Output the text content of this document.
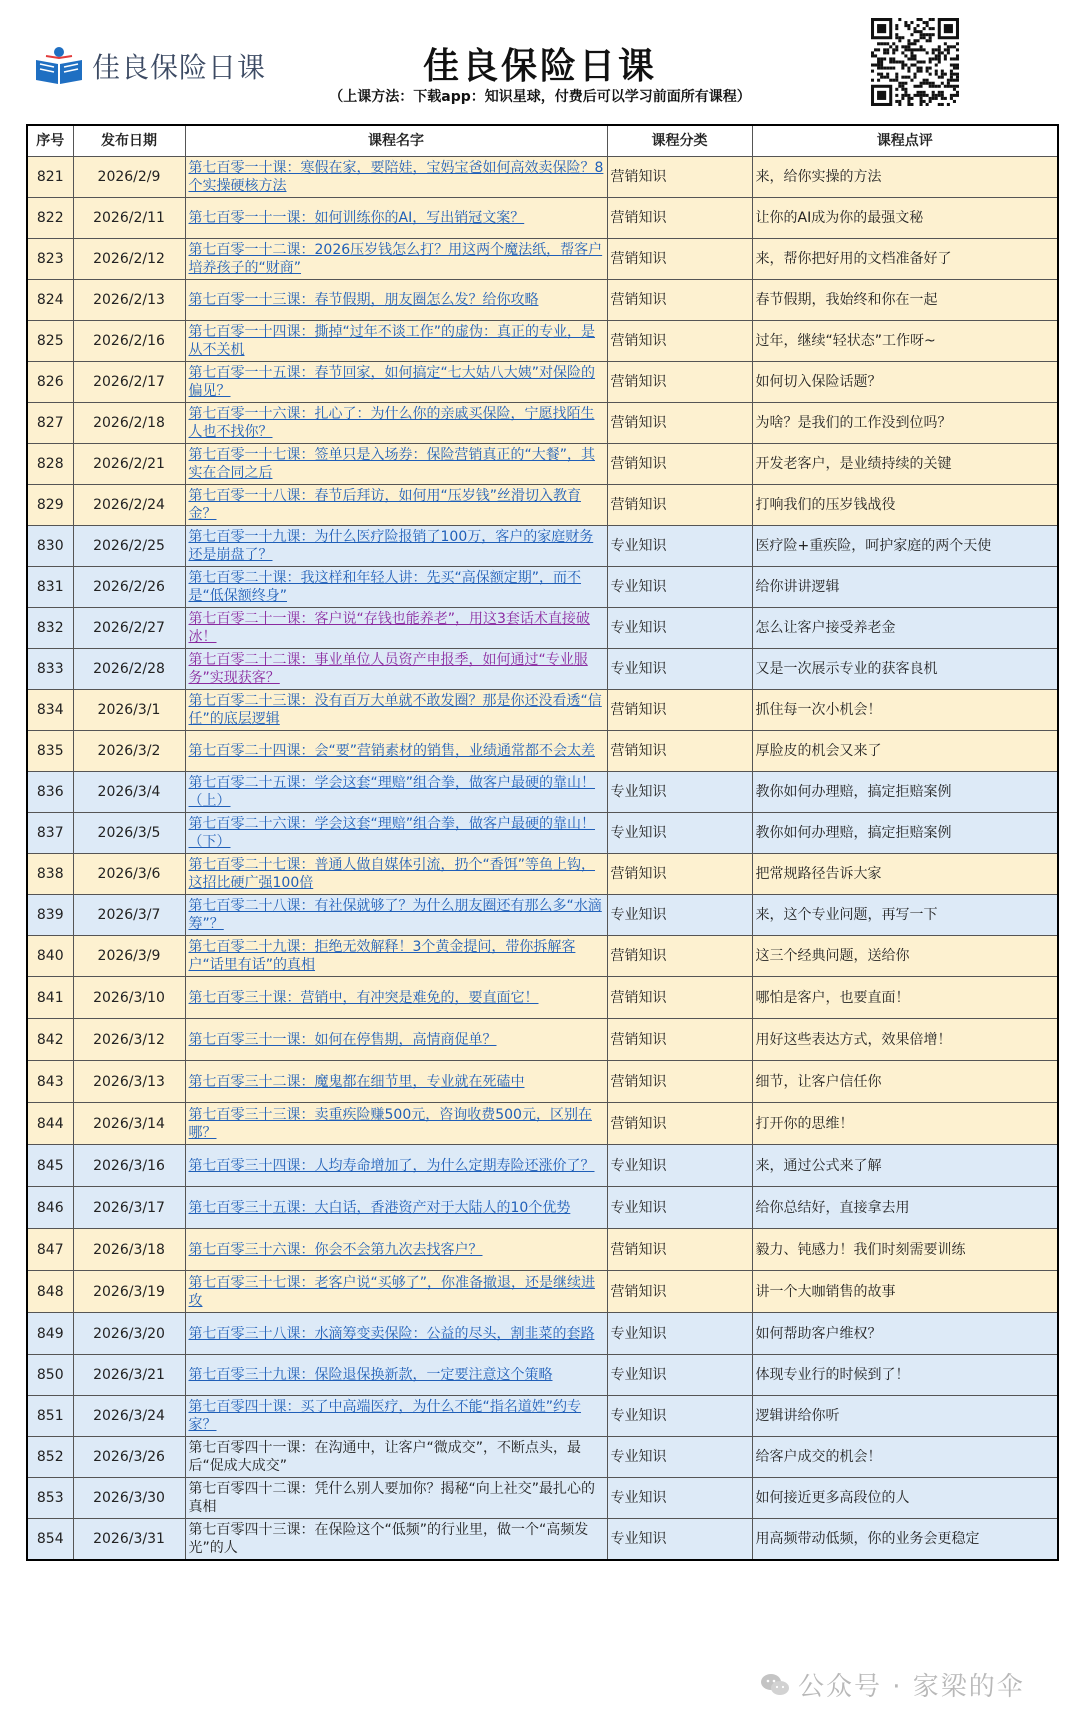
佳良保险日课	佳良保险日课
（上课方法：下载app：知识星球，付费后可以学习前面所有课程）
序号	发布日期	课程名字	课程分类	课程点评
821	2026/2/9	第七百零一十课：寒假在家，要陪娃，宝妈宝爸如何高效卖保险？8个实操硬核方法	营销知识	来，给你实操的方法
822	2026/2/11	第七百零一十一课：如何训练你的AI，写出销冠文案？	营销知识	让你的AI成为你的最强文秘
823	2026/2/12	第七百零一十二课：2026压岁钱怎么打？用这两个魔法纸，帮客户培养孩子的“财商”	营销知识	来，帮你把好用的文档准备好了
824	2026/2/13	第七百零一十三课：春节假期，朋友圈怎么发？给你攻略	营销知识	春节假期，我始终和你在一起
825	2026/2/16	第七百零一十四课：撕掉“过年不谈工作”的虚伪：真正的专业，是从不关机	营销知识	过年，继续“轻状态”工作呀~
826	2026/2/17	第七百零一十五课：春节回家，如何搞定“七大姑八大姨”对保险的偏见？	营销知识	如何切入保险话题？
827	2026/2/18	第七百零一十六课：扎心了：为什么你的亲戚买保险，宁愿找陌生人也不找你？	营销知识	为啥？是我们的工作没到位吗？
828	2026/2/21	第七百零一十七课：签单只是入场券：保险营销真正的“大餐”，其实在合同之后	营销知识	开发老客户，是业绩持续的关键
829	2026/2/24	第七百零一十八课：春节后拜访，如何用“压岁钱”丝滑切入教育金？	营销知识	打响我们的压岁钱战役
830	2026/2/25	第七百零一十九课：为什么医疗险报销了100万，客户的家庭财务还是崩盘了？	专业知识	医疗险+重疾险，呵护家庭的两个天使
831	2026/2/26	第七百零二十课：我这样和年轻人讲：先买“高保额定期”，而不是“低保额终身”	专业知识	给你讲讲逻辑
832	2026/2/27	第七百零二十一课：客户说“存钱也能养老”，用这3套话术直接破冰！	专业知识	怎么让客户接受养老金
833	2026/2/28	第七百零二十二课：事业单位人员资产申报季，如何通过“专业服务”实现获客？	专业知识	又是一次展示专业的获客良机
834	2026/3/1	第七百零二十三课：没有百万大单就不敢发圈？那是你还没看透“信任”的底层逻辑	营销知识	抓住每一次小机会！
835	2026/3/2	第七百零二十四课：会“要”营销素材的销售，业绩通常都不会太差	营销知识	厚脸皮的机会又来了
836	2026/3/4	第七百零二十五课：学会这套“理赔”组合拳，做客户最硬的靠山！（上）	专业知识	教你如何办理赔，搞定拒赔案例
837	2026/3/5	第七百零二十六课：学会这套“理赔”组合拳，做客户最硬的靠山！（下）	专业知识	教你如何办理赔，搞定拒赔案例
838	2026/3/6	第七百零二十七课：普通人做自媒体引流，扔个“香饵”等鱼上钩，这招比硬广强100倍	营销知识	把常规路径告诉大家
839	2026/3/7	第七百零二十八课：有社保就够了？为什么朋友圈还有那么多“水滴筹”？	专业知识	来，这个专业问题，再写一下
840	2026/3/9	第七百零二十九课：拒绝无效解释！3个黄金提问，带你拆解客户“话里有话”的真相	营销知识	这三个经典问题，送给你
841	2026/3/10	第七百零三十课：营销中，有冲突是难免的，要直面它！	营销知识	哪怕是客户，也要直面！
842	2026/3/12	第七百零三十一课：如何在停售期，高情商促单？	营销知识	用好这些表达方式，效果倍增！
843	2026/3/13	第七百零三十二课：魔鬼都在细节里，专业就在死磕中	营销知识	细节，让客户信任你
844	2026/3/14	第七百零三十三课：卖重疾险赚500元，咨询收费500元，区别在哪？	营销知识	打开你的思维！
845	2026/3/16	第七百零三十四课：人均寿命增加了，为什么定期寿险还涨价了？	专业知识	来，通过公式来了解
846	2026/3/17	第七百零三十五课：大白话，香港资产对于大陆人的10个优势	专业知识	给你总结好，直接拿去用
847	2026/3/18	第七百零三十六课：你会不会第九次去找客户？	营销知识	毅力、钝感力！我们时刻需要训练
848	2026/3/19	第七百零三十七课：老客户说“买够了”，你准备撤退，还是继续进攻	营销知识	讲一个大咖销售的故事
849	2026/3/20	第七百零三十八课：水滴筹变卖保险：公益的尽头，割韭菜的套路	专业知识	如何帮助客户维权？
850	2026/3/21	第七百零三十九课：保险退保换新款，一定要注意这个策略	专业知识	体现专业行的时候到了！
851	2026/3/24	第七百零四十课：买了中高端医疗，为什么不能“指名道姓”约专家？	专业知识	逻辑讲给你听
852	2026/3/26	第七百零四十一课：在沟通中，让客户“微成交”，不断点头，最后“促成大成交”	专业知识	给客户成交的机会！
853	2026/3/30	第七百零四十二课：凭什么别人要加你？揭秘“向上社交”最扎心的真相	专业知识	如何接近更多高段位的人
854	2026/3/31	第七百零四十三课：在保险这个“低频”的行业里，做一个“高频发光”的人	专业知识	用高频带动低频，你的业务会更稳定
公众号 · 家梁的伞
